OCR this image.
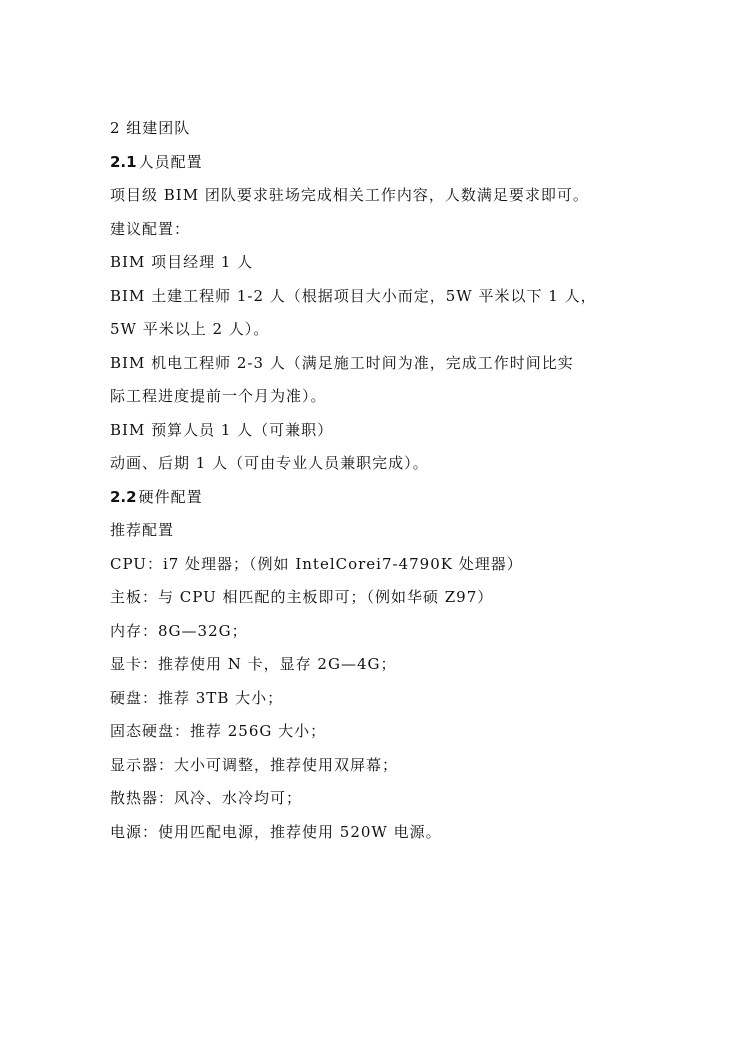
2 组建团队
2.1 人员配置
项目级 BIM 团队要求驻场完成相关工作内容，人数满足要求即可。
建议配置：
BIM 项目经理 1 人
BIM 土建工程师 1-2 人（根据项目大小而定，5W 平米以下 1 人，
5W 平米以上 2 人）。
BIM 机电工程师 2-3 人（满足施工时间为准，完成工作时间比实
际工程进度提前一个月为准）。
BIM 预算人员 1 人（可兼职）
动画、后期 1 人（可由专业人员兼职完成）。
2.2 硬件配置
推荐配置
CPU：i7 处理器；（例如 IntelCorei7-4790K 处理器）
主板：与 CPU 相匹配的主板即可；（例如华硕 Z97）
内存：8G—32G；
显卡：推荐使用 N 卡，显存 2G—4G；
硬盘：推荐 3TB 大小；
固态硬盘：推荐 256G 大小；
显示器：大小可调整，推荐使用双屏幕；
散热器：风冷、水冷均可；
电源：使用匹配电源，推荐使用 520W 电源。
